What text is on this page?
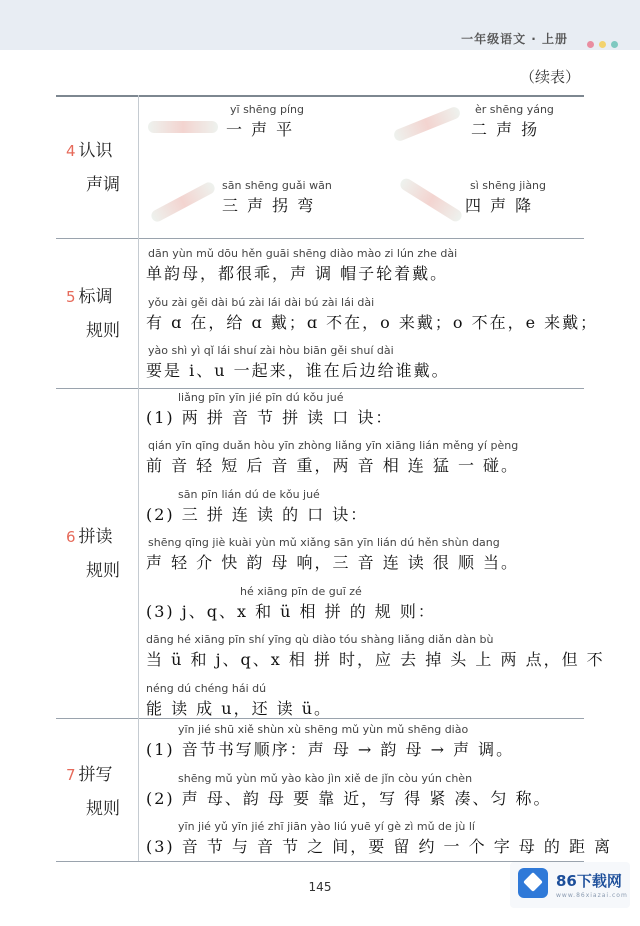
一年级语文 · 上册
（续表）
4 认识
声调
yī shēng píng
一 声 平
èr shēng yáng
二 声 扬
sān shēng guǎi wān
三 声 拐 弯
sì shēng jiàng
四 声 降
5 标调
规则
dān yùn mǔ dōu hěn guāi shēng diào mào zi lún zhe dài
单韵母，都很乖，声 调 帽子轮着戴。
yǒu zài gěi dài bú zài lái dài bú zài lái dài
有 ɑ 在，给 ɑ 戴；ɑ 不在，o 来戴；o 不在，e 来戴；
yào shì yì qǐ lái shuí zài hòu biān gěi shuí dài
要是 i、u 一起来，谁在后边给谁戴。
6 拼读
规则
liǎng pīn yīn jié pīn dú kǒu jué
(1) 两 拼 音 节 拼 读 口 诀：
qián yīn qīng duǎn hòu yīn zhòng liǎng yīn xiāng lián měng yí pèng
前 音 轻 短 后 音 重，两 音 相 连 猛 一 碰。
sān pīn lián dú de kǒu jué
(2) 三 拼 连 读 的 口 诀：
shēng qīng jiè kuài yùn mǔ xiǎng sān yīn lián dú hěn shùn dang
声 轻 介 快 韵 母 响，三 音 连 读 很 顺 当。
hé xiāng pīn de guī zé
(3) j、q、x 和 ü 相 拼 的 规 则：
dāng hé xiāng pīn shí yīng qù diào tóu shàng liǎng diǎn dàn bù
当 ü 和 j、q、x 相 拼 时，应 去 掉 头 上 两 点，但 不
néng dú chéng hái dú
能 读 成 u，还 读 ü。
7 拼写
规则
yīn jié shū xiě shùn xù shēng mǔ yùn mǔ shēng diào
(1) 音节书写顺序：声 母 → 韵 母 → 声 调。
shēng mǔ yùn mǔ yào kào jìn xiě de jǐn còu yún chèn
(2) 声 母、韵 母 要 靠 近，写 得 紧 凑、匀 称。
yīn jié yǔ yīn jié zhī jiān yào liú yuē yí gè zì mǔ de jù lí
(3) 音 节 与 音 节 之 间，要 留 约 一 个 字 母 的 距 离
145	86下载网
www.86xiazai.com
